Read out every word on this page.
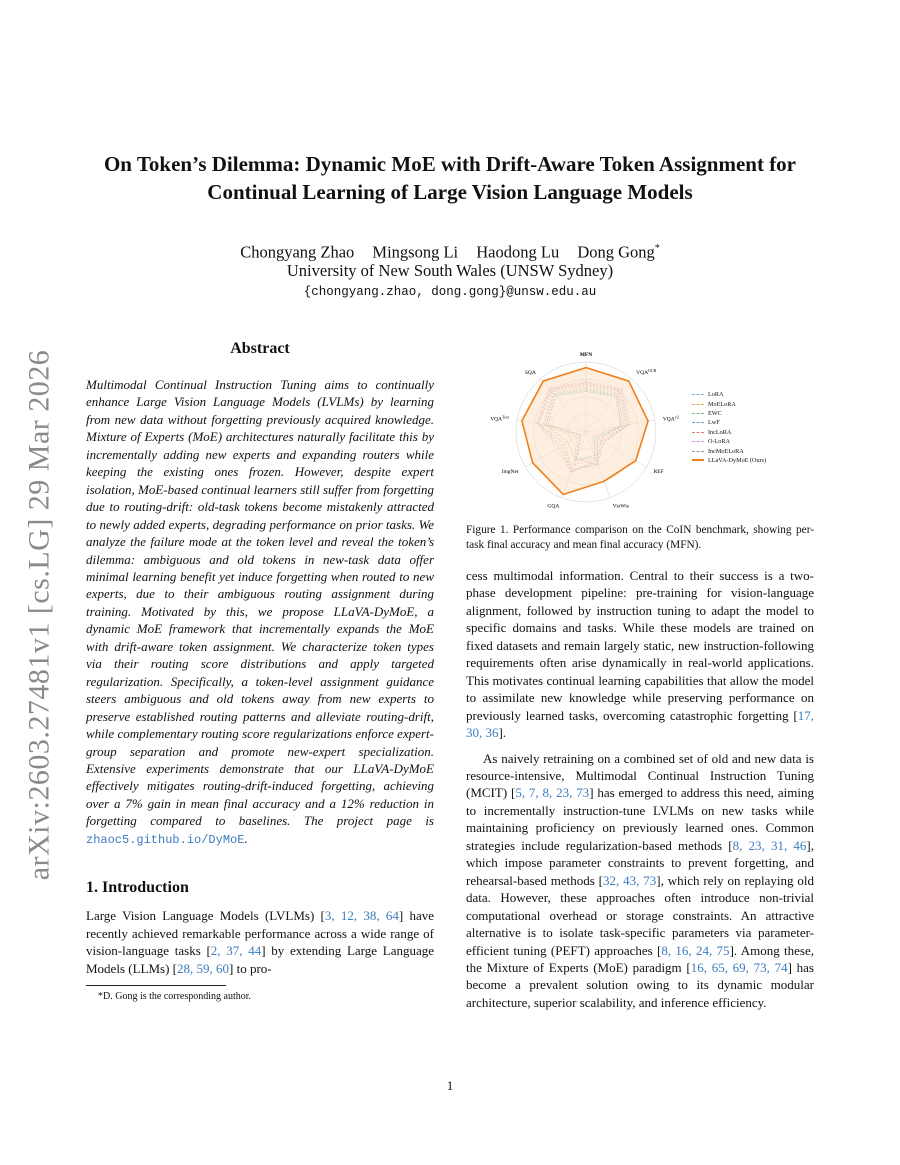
arXiv:2603.27481v1 [cs.LG] 29 Mar 2026
On Token’s Dilemma: Dynamic MoE with Drift-Aware Token Assignment for
Continual Learning of Large Vision Language Models
Chongyang Zhao Mingsong Li Haodong Lu Dong Gong*
University of New South Wales (UNSW Sydney)
{chongyang.zhao, dong.gong}@unsw.edu.au
Abstract

Multimodal Continual Instruction Tuning aims to continually enhance Large Vision Language Models (LVLMs) by learning from new data without forgetting previously acquired knowledge. Mixture of Experts (MoE) architectures naturally facilitate this by incrementally adding new experts and expanding routers while keeping the existing ones frozen. However, despite expert isolation, MoE-based continual learners still suffer from forgetting due to routing-drift: old-task tokens become mistakenly attracted to newly added experts, degrading performance on prior tasks. We analyze the failure mode at the token level and reveal the token’s dilemma: ambiguous and old tokens in new-task data offer minimal learning benefit yet induce forgetting when routed to new experts, due to their ambiguous routing assignment during training. Motivated by this, we propose LLaVA-DyMoE, a dynamic MoE framework that incrementally expands the MoE with drift-aware token assignment. We characterize token types via their routing score distributions and apply targeted regularization. Specifically, a token-level assignment guidance steers ambiguous and old tokens away from new experts to preserve established routing patterns and alleviate routing-drift, while complementary routing score regularizations enforce expert-group separation and promote new-expert specialization. Extensive experiments demonstrate that our LLaVA-DyMoE effectively mitigates routing-drift-induced forgetting, achieving over a 7% gain in mean final accuracy and a 12% reduction in forgetting compared to baselines. The project page is zhaoc5.github.io/DyMoE.

1. Introduction

Large Vision Language Models (LVLMs) [3, 12, 38, 64] have recently achieved remarkable performance across a wide range of vision-language tasks [2, 37, 44] by extending Large Language Models (LLMs) [28, 59, 60] to pro-

*D. Gong is the corresponding author.
MFN
$VQA^{OCR}$
$VQA^{v2}$
REF
VizWiz
GQA
ImgNet
$VQA^{Text}$
SQA
LoRA
MoELoRA
EWC
LwF
IncLoRA
O-LoRA
IncMoELoRA
LLaVA-DyMoE (Ours)

Figure 1. Performance comparison on the CoIN benchmark, showing per-task final accuracy and mean final accuracy (MFN).

cess multimodal information. Central to their success is a two-phase development pipeline: pre-training for vision-language alignment, followed by instruction tuning to adapt the model to specific domains and tasks. While these models are trained on fixed datasets and remain largely static, new instruction-following requirements often arise dynamically in real-world applications. This motivates continual learning capabilities that allow the model to assimilate new knowledge while preserving performance on previously learned tasks, overcoming catastrophic forgetting [17, 30, 36].

As naively retraining on a combined set of old and new data is resource-intensive, Multimodal Continual Instruction Tuning (MCIT) [5, 7, 8, 23, 73] has emerged to address this need, aiming to incrementally instruction-tune LVLMs on new tasks while maintaining proficiency on previously learned ones. Common strategies include regularization-based methods [8, 23, 31, 46], which impose parameter constraints to prevent forgetting, and rehearsal-based methods [32, 43, 73], which rely on replaying old data. However, these approaches often introduce non-trivial computational overhead or storage constraints. An attractive alternative is to isolate task-specific parameters via parameter-efficient tuning (PEFT) approaches [8, 16, 24, 75]. Among these, the Mixture of Experts (MoE) paradigm [16, 65, 69, 73, 74] has become a prevalent solution owing to its dynamic modular architecture, superior scalability, and inference efficiency.

1
